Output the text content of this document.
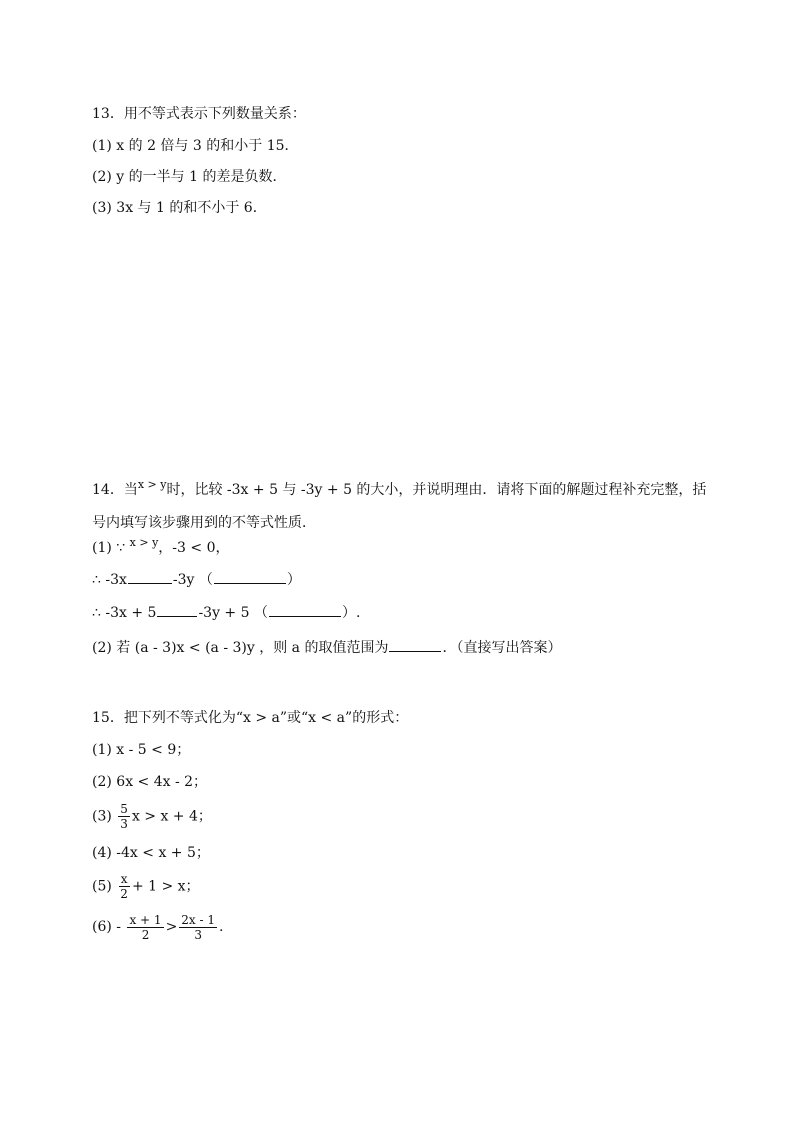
13．用不等式表示下列数量关系：
(1) x 的 2 倍与 3 的和小于 15．
(2) y 的一半与 1 的差是负数．
(3) 3x 与 1 的和不小于 6．
14．当$^{x > y}$时，比较 -3x + 5 与 -3y + 5 的大小，并说明理由．请将下面的解题过程补充完整，括号内填写该步骤用到的不等式性质．
(1) ∵ $^{x > y}$，-3 < 0，
∴ -3x	-3y （	）
∴ -3x + 5	-3y + 5 （	）.
(2) 若 (a - 3)x < (a - 3)y ，则 a 的取值范围为	．（直接写出答案）
15．把下列不等式化为“x > a”或“x < a”的形式：
(1) x - 5 < 9；
(2) 6x < 4x - 2；
$(3) \frac{5}{3}$ x > x + 4；
(4) -4x < x + 5；
$(5) \frac{x}{2} + 1 > x$；
$(6) - \frac{x + 1}{2} > \frac{2x - 1}{3}$ .
